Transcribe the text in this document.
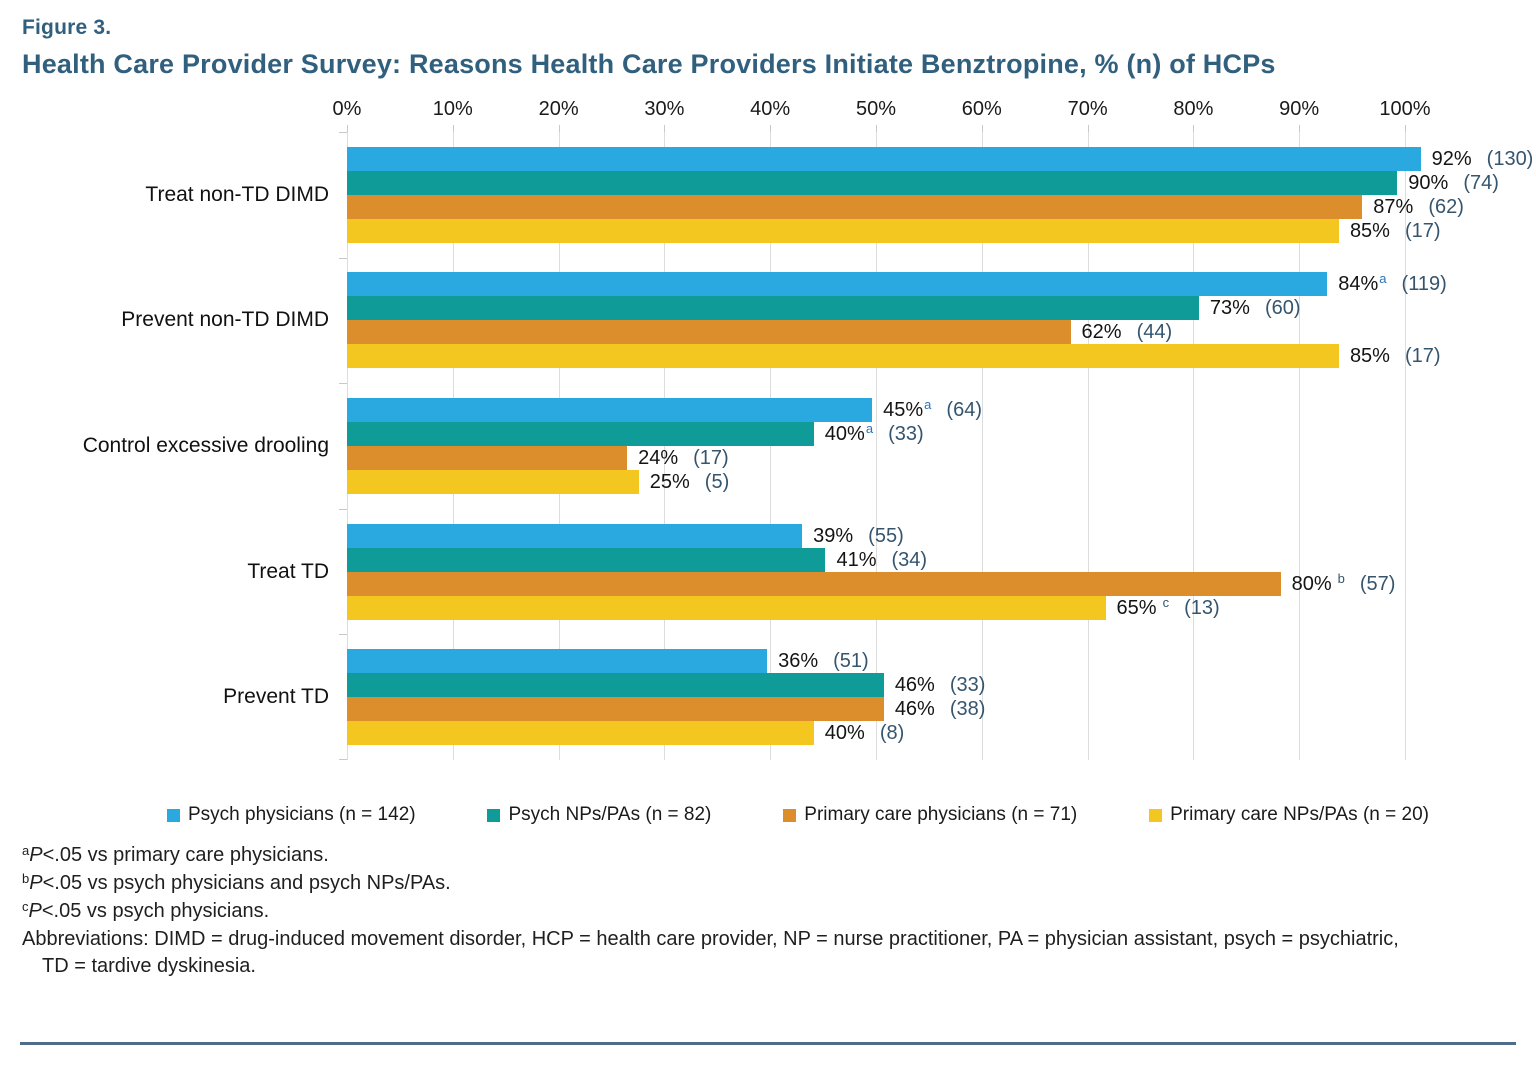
Figure 3.
Health Care Provider Survey: Reasons Health Care Providers Initiate Benztropine, % (n) of HCPs
0%	10%	20%	30%	40%	50%	60%	70%	80%	90%	100%
Treat non-TD DIMD
92% (130)
90% (74)
87% (62)
85% (17)
Prevent non-TD DIMD
84%$^a$ (119)
73% (60)
62% (44)
85% (17)
Control excessive drooling
45%$^a$ (64)
40%$^a$ (33)
24% (17)
25% (5)
Treat TD
39% (55)
41% (34)
80% $^b$ (57)
65% $^c$ (13)
Prevent TD
36% (51)
46% (33)
46% (38)
40% (8)
Psych physicians (n = 142)	Psych NPs/PAs (n = 82)	Primary care physicians (n = 71)	Primary care NPs/PAs (n = 20)
$^a$P<.05 vs primary care physicians.
$^b$P<.05 vs psych physicians and psych NPs/PAs.
$^c$P<.05 vs psych physicians.
Abbreviations: DIMD = drug-induced movement disorder, HCP = health care provider, NP = nurse practitioner, PA = physician assistant, psych = psychiatric,
TD = tardive dyskinesia.
